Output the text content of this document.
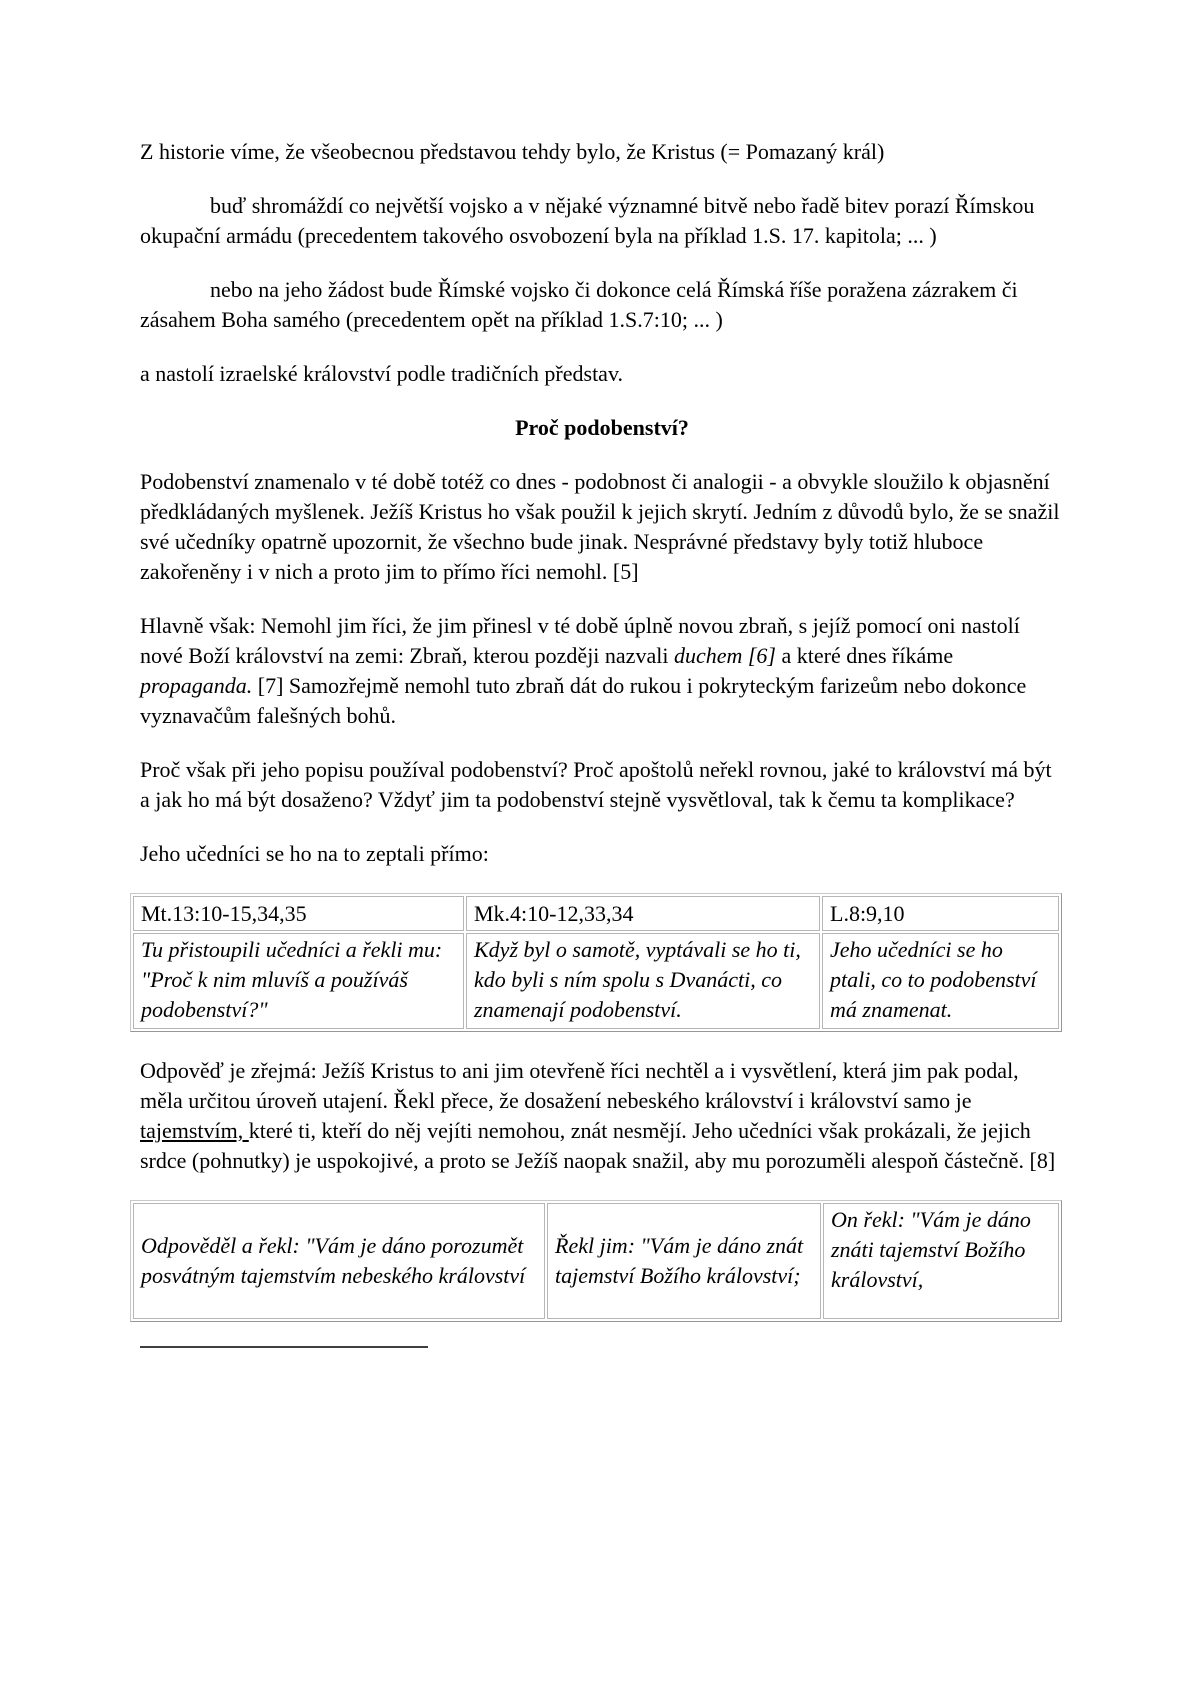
Z historie víme, že všeobecnou představou tehdy bylo, že Kristus (= Pomazaný král)

buď shromáždí co největší vojsko a v nějaké významné bitvě nebo řadě bitev porazí Římskou okupační armádu (precedentem takového osvobození byla na příklad 1.S. 17. kapitola; ... )

nebo na jeho žádost bude Římské vojsko či dokonce celá Římská říše poražena zázrakem či zásahem Boha samého (precedentem opět na příklad 1.S.7:10; ... )

a nastolí izraelské království podle tradičních představ.

Proč podobenství?

Podobenství znamenalo v té době totéž co dnes - podobnost či analogii - a obvykle sloužilo k objasnění předkládaných myšlenek. Ježíš Kristus ho však použil k jejich skrytí. Jedním z důvodů bylo, že se snažil své učedníky opatrně upozornit, že všechno bude jinak. Nesprávné představy byly totiž hluboce zakořeněny i v nich a proto jim to přímo říci nemohl. [5]

Hlavně však: Nemohl jim říci, že jim přinesl v té době úplně novou zbraň, s jejíž pomocí oni nastolí nové Boží království na zemi: Zbraň, kterou později nazvali duchem [6] a které dnes říkáme propaganda. [7] Samozřejmě nemohl tuto zbraň dát do rukou i pokryteckým farizeům nebo dokonce vyznavačům falešných bohů.

Proč však při jeho popisu používal podobenství? Proč apoštolů neřekl rovnou, jaké to království má být a jak ho má být dosaženo? Vždyť jim ta podobenství stejně vysvětloval, tak k čemu ta komplikace?

Jeho učedníci se ho na to zeptali přímo:

Mt.13:10-15,34,35	Mk.4:10-12,33,34	L.8:9,10
Tu přistoupili učedníci a řekli mu: "Proč k nim mluvíš a používáš podobenství?"	Když byl o samotě, vyptávali se ho ti, kdo byli s ním spolu s Dvanácti, co znamenají podobenství.	Jeho učedníci se ho ptali, co to podobenství má znamenat.

Odpověď je zřejmá: Ježíš Kristus to ani jim otevřeně říci nechtěl a i vysvětlení, která jim pak podal, měla určitou úroveň utajení. Řekl přece, že dosažení nebeského království i království samo je tajemstvím, které ti, kteří do něj vejíti nemohou, znát nesmějí. Jeho učedníci však prokázali, že jejich srdce (pohnutky) je uspokojivé, a proto se Ježíš naopak snažil, aby mu porozuměli alespoň částečně. [8]

Odpověděl a řekl: "Vám je dáno porozumět posvátným tajemstvím nebeského království	Řekl jim: "Vám je dáno znát tajemství Božího království;	On řekl: "Vám je dáno znáti tajemství Božího království,
